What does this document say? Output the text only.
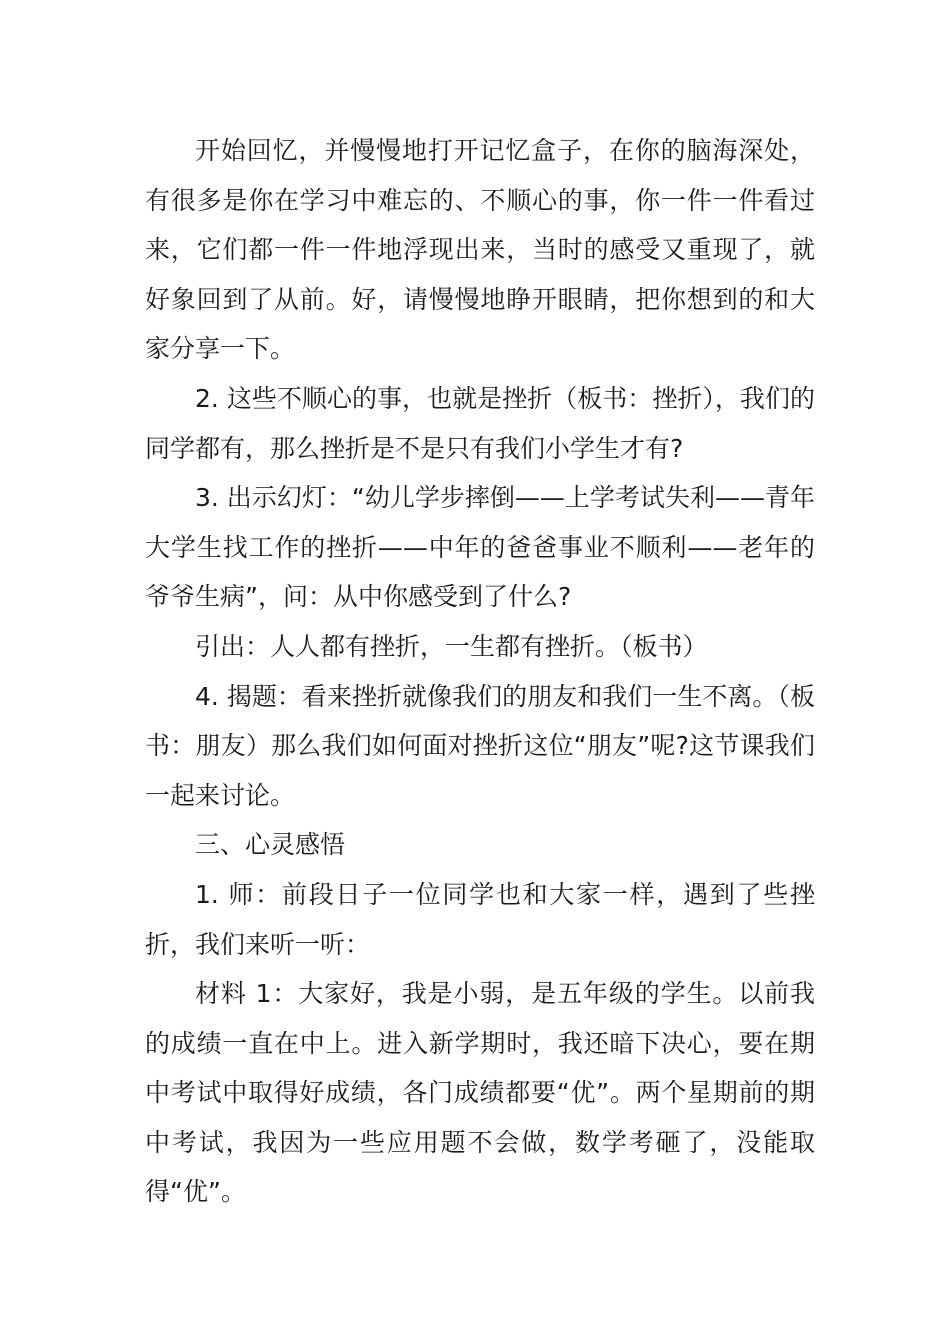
开始回忆，并慢慢地打开记忆盒子，在你的脑海深处，有很多是你在学习中难忘的、不顺心的事，你一件一件看过来，它们都一件一件地浮现出来，当时的感受又重现了，就好象回到了从前。好，请慢慢地睁开眼睛，把你想到的和大家分享一下。

2. 这些不顺心的事，也就是挫折（板书：挫折），我们的同学都有，那么挫折是不是只有我们小学生才有?

3. 出示幻灯：“幼儿学步摔倒——上学考试失利——青年大学生找工作的挫折——中年的爸爸事业不顺利——老年的爷爷生病”，问：从中你感受到了什么?

引出：人人都有挫折，一生都有挫折。（板书）

4. 揭题：看来挫折就像我们的朋友和我们一生不离。（板书：朋友）那么我们如何面对挫折这位“朋友”呢?这节课我们一起来讨论。

三、心灵感悟

1. 师：前段日子一位同学也和大家一样，遇到了些挫折，我们来听一听：

材料 1：大家好，我是小弱，是五年级的学生。以前我的成绩一直在中上。进入新学期时，我还暗下决心，要在期中考试中取得好成绩，各门成绩都要“优”。两个星期前的期中考试，我因为一些应用题不会做，数学考砸了，没能取得“优”。
